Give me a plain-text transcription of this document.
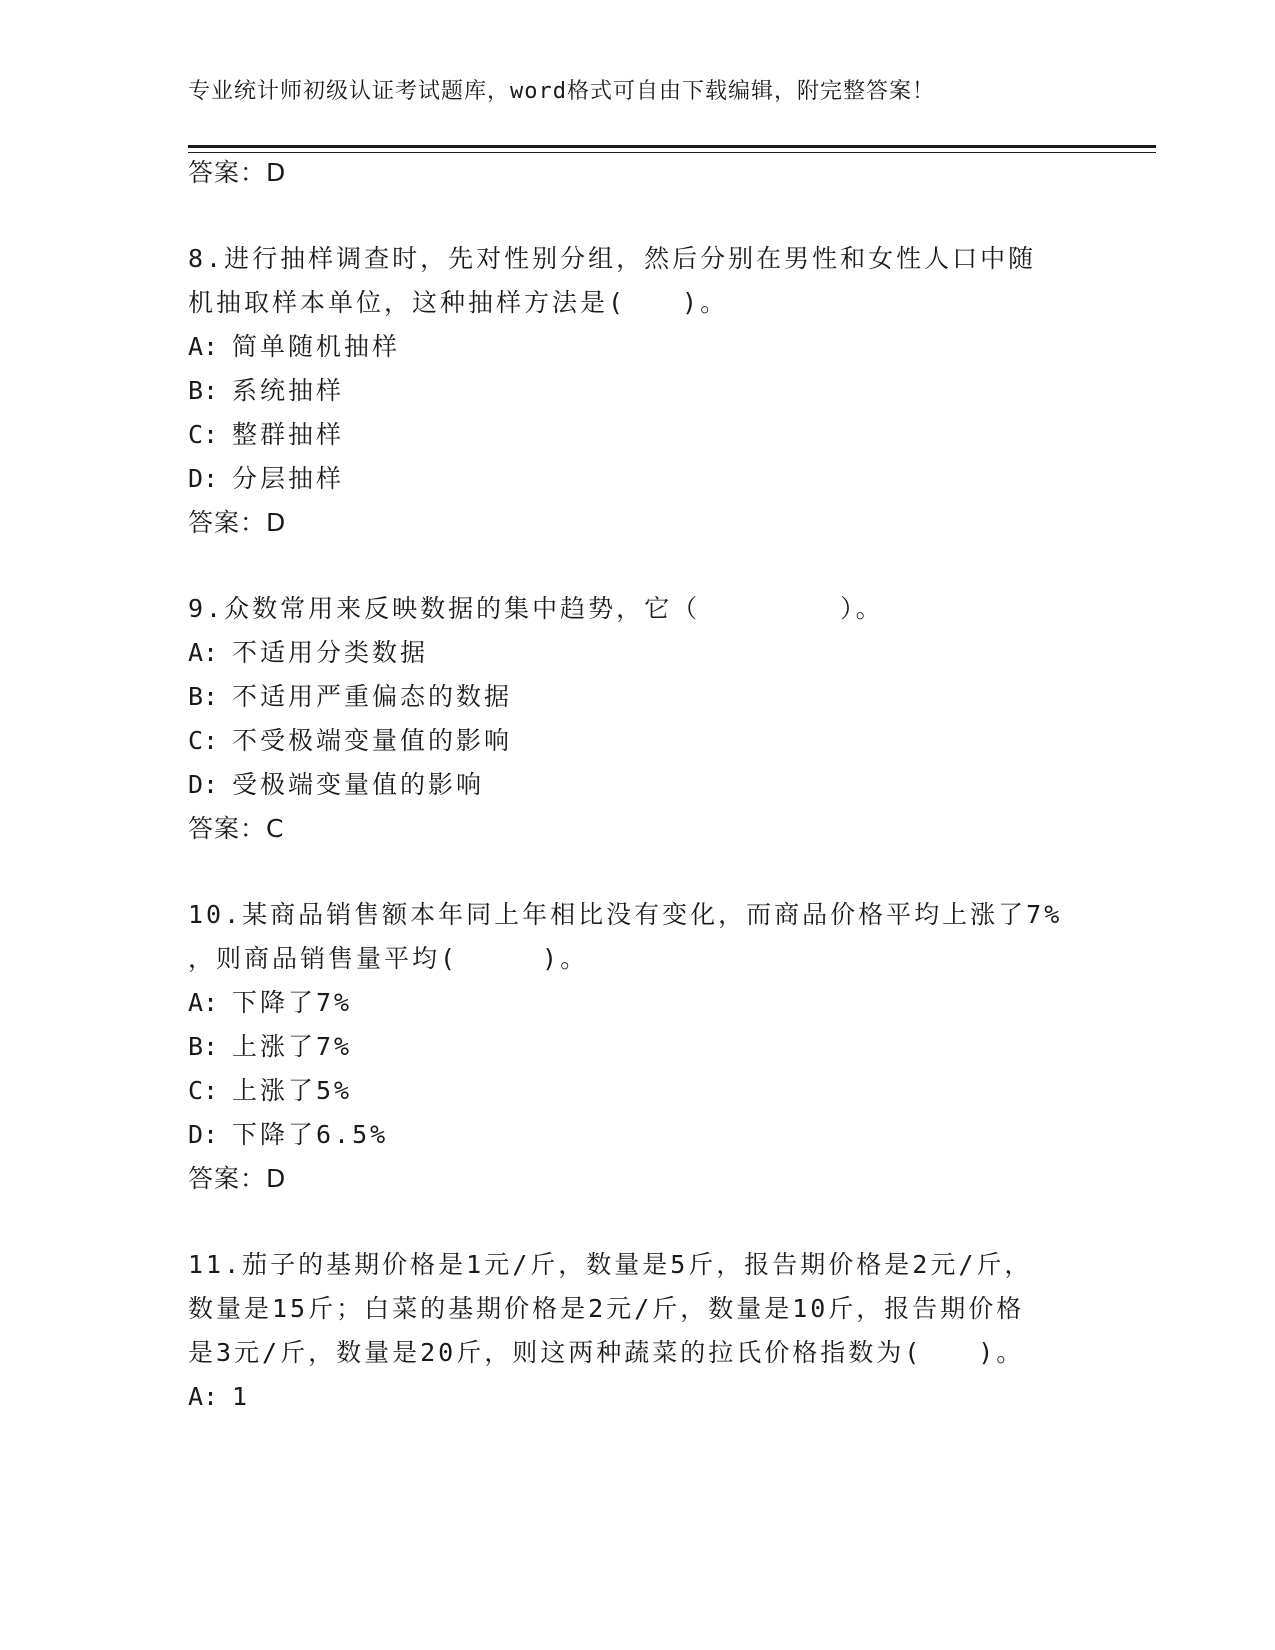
专业统计师初级认证考试题库，word格式可自由下载编辑，附完整答案！
答案：D
8.进行抽样调查时，先对性别分组，然后分别在男性和女性人口中随
机抽取样本单位，这种抽样方法是(　　)。
A: 简单随机抽样
B: 系统抽样
C: 整群抽样
D: 分层抽样
答案：D
9.众数常用来反映数据的集中趋势，它（　　　　　）。
A: 不适用分类数据
B: 不适用严重偏态的数据
C: 不受极端变量值的影响
D: 受极端变量值的影响
答案：C
10.某商品销售额本年同上年相比没有变化，而商品价格平均上涨了7%
，则商品销售量平均(　　　)。
A: 下降了7%
B: 上涨了7%
C: 上涨了5%
D: 下降了6.5%
答案：D
11.茄子的基期价格是1元/斤，数量是5斤，报告期价格是2元/斤，
数量是15斤；白菜的基期价格是2元/斤，数量是10斤，报告期价格
是3元/斤，数量是20斤，则这两种蔬菜的拉氏价格指数为(　　)。
A: 1
